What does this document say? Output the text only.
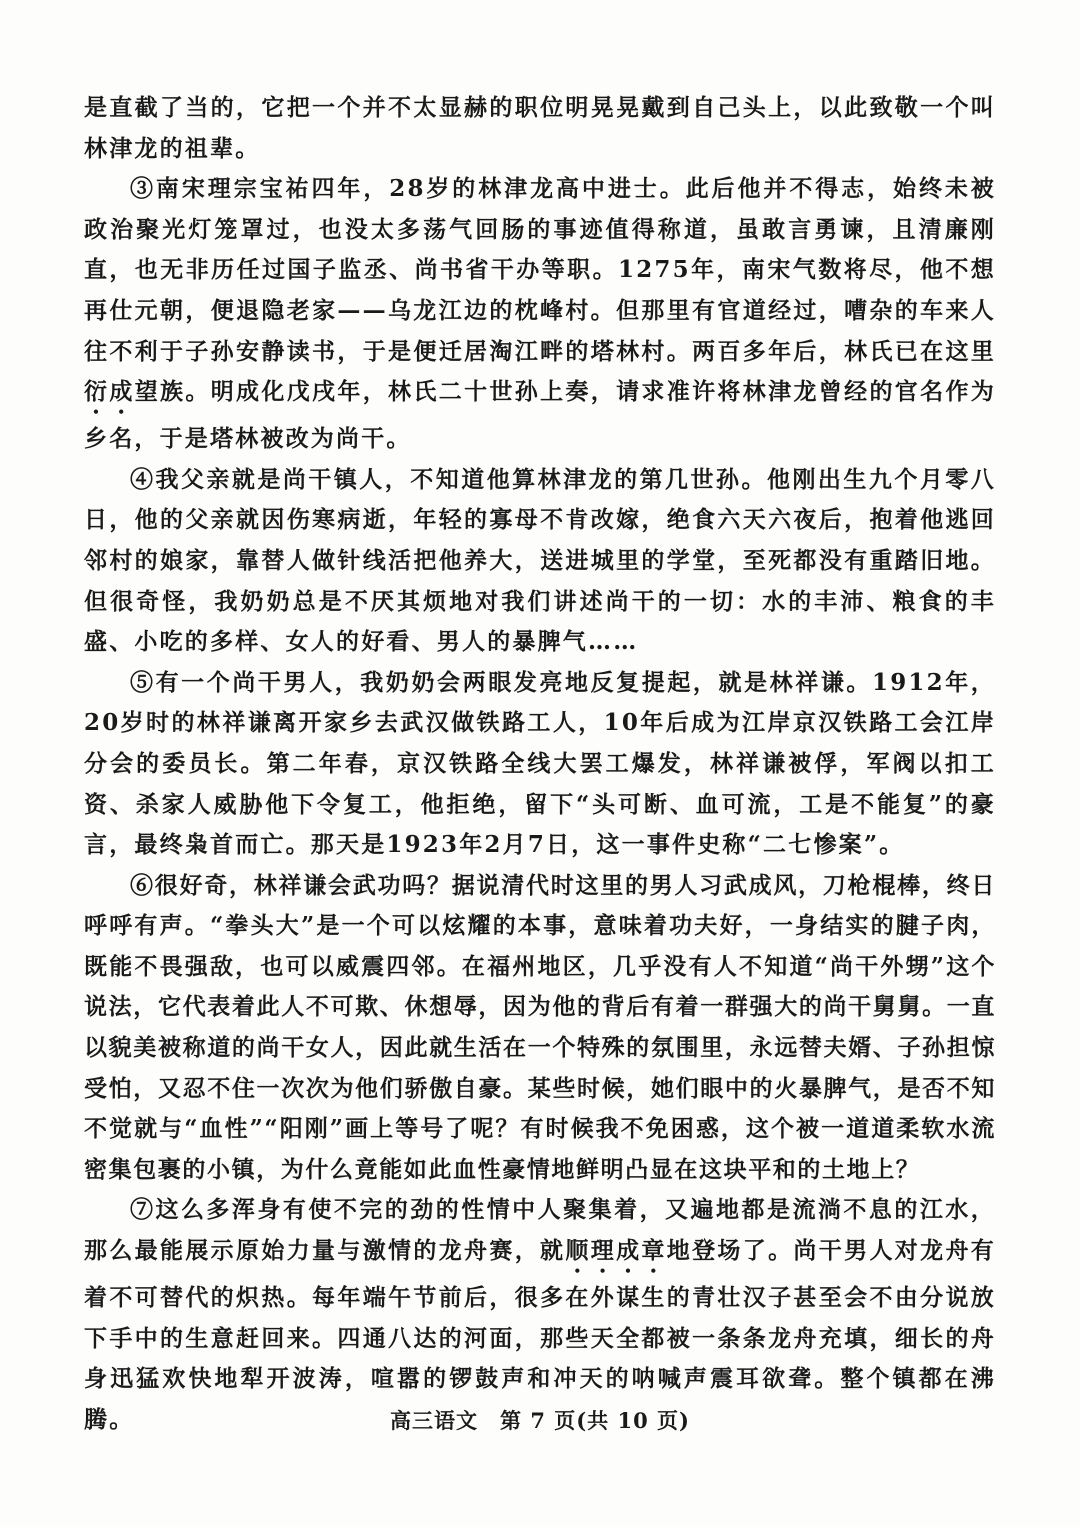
是直截了当的，它把一个并不太显赫的职位明晃晃戴到自己头上，以此致敬一个叫林津龙的祖辈。

③南宋理宗宝祐四年，28岁的林津龙高中进士。此后他并不得志，始终未被政治聚光灯笼罩过，也没太多荡气回肠的事迹值得称道，虽敢言勇谏，且清廉刚直，也无非历任过国子监丞、尚书省干办等职。1275年，南宋气数将尽，他不想再仕元朝，便退隐老家——乌龙江边的枕峰村。但那里有官道经过，嘈杂的车来人往不利于子孙安静读书，于是便迁居淘江畔的塔林村。两百多年后，林氏已在这里衍成望族。明成化戊戌年，林氏二十世孙上奏，请求准许将林津龙曾经的官名作为乡名，于是塔林被改为尚干。

④我父亲就是尚干镇人，不知道他算林津龙的第几世孙。他刚出生九个月零八日，他的父亲就因伤寒病逝，年轻的寡母不肯改嫁，绝食六天六夜后，抱着他逃回邻村的娘家，靠替人做针线活把他养大，送进城里的学堂，至死都没有重踏旧地。但很奇怪，我奶奶总是不厌其烦地对我们讲述尚干的一切：水的丰沛、粮食的丰盛、小吃的多样、女人的好看、男人的暴脾气……

⑤有一个尚干男人，我奶奶会两眼发亮地反复提起，就是林祥谦。1912年，20岁时的林祥谦离开家乡去武汉做铁路工人，10年后成为江岸京汉铁路工会江岸分会的委员长。第二年春，京汉铁路全线大罢工爆发，林祥谦被俘，军阀以扣工资、杀家人威胁他下令复工，他拒绝，留下“头可断、血可流，工是不能复”的豪言，最终枭首而亡。那天是1923年2月7日，这一事件史称“二七惨案”。

⑥很好奇，林祥谦会武功吗？据说清代时这里的男人习武成风，刀枪棍棒，终日呼呼有声。“拳头大”是一个可以炫耀的本事，意味着功夫好，一身结实的腱子肉，既能不畏强敌，也可以威震四邻。在福州地区，几乎没有人不知道“尚干外甥”这个说法，它代表着此人不可欺、休想辱，因为他的背后有着一群强大的尚干舅舅。一直以貌美被称道的尚干女人，因此就生活在一个特殊的氛围里，永远替夫婿、子孙担惊受怕，又忍不住一次次为他们骄傲自豪。某些时候，她们眼中的火暴脾气，是否不知不觉就与“血性”“阳刚”画上等号了呢？有时候我不免困惑，这个被一道道柔软水流密集包裹的小镇，为什么竟能如此血性豪情地鲜明凸显在这块平和的土地上？

⑦这么多浑身有使不完的劲的性情中人聚集着，又遍地都是流淌不息的江水，那么最能展示原始力量与激情的龙舟赛，就顺理成章地登场了。尚干男人对龙舟有着不可替代的炽热。每年端午节前后，很多在外谋生的青壮汉子甚至会不由分说放下手中的生意赶回来。四通八达的河面，那些天全都被一条条龙舟充填，细长的舟身迅猛欢快地犁开波涛，喧嚣的锣鼓声和冲天的呐喊声震耳欲聋。整个镇都在沸腾。	高三语文　第 7 页(共 10 页)
